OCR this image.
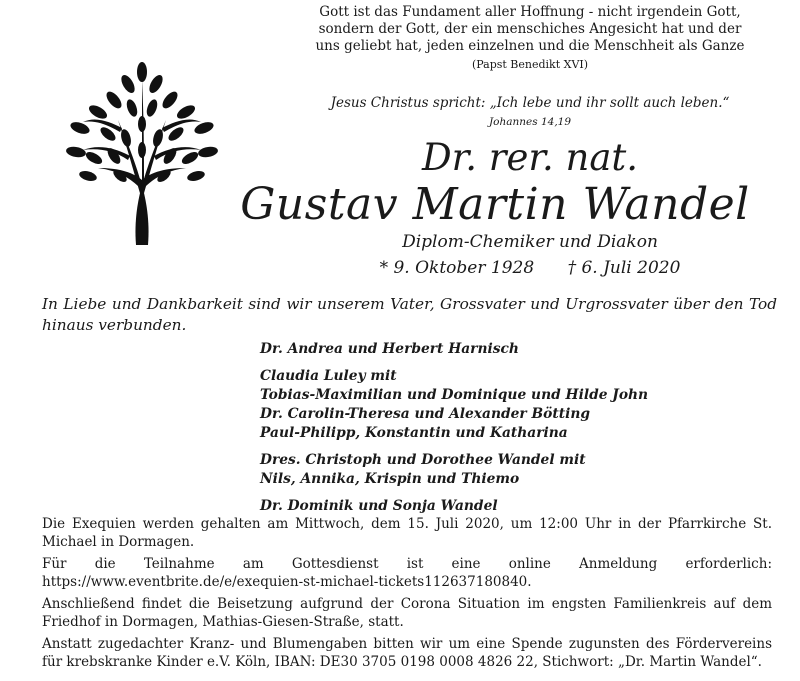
Gott ist das Fundament aller Hoffnung - nicht irgendein Gott,
sondern der Gott, der ein menschiches Angesicht hat und der
uns geliebt hat, jeden einzelnen und die Menschheit als Ganze
(Papst Benedikt XVI)
Jesus Christus spricht: „Ich lebe und ihr sollt auch leben.“
Johannes 14,19
Dr. rer. nat.
Gustav Martin Wandel
Diplom-Chemiker und Diakon
* 9. Oktober 1928 † 6. Juli 2020
In Liebe und Dankbarkeit sind wir unserem Vater, Grossvater und Urgrossvater über den Tod hinaus verbunden.
Dr. Andrea und Herbert Harnisch
Claudia Luley mit
Tobias-Maximilian und Dominique und Hilde John
Dr. Carolin-Theresa und Alexander Bötting
Paul-Philipp, Konstantin und Katharina
Dres. Christoph und Dorothee Wandel mit
Nils, Annika, Krispin und Thiemo
Dr. Dominik und Sonja Wandel

Die Exequien werden gehalten am Mittwoch, dem 15. Juli 2020, um 12:00 Uhr in der Pfarrkirche St. Michael in Dormagen.

Für die Teilnahme am Gottesdienst ist eine online Anmeldung erforderlich: https://www.eventbrite.de/e/exequien-st-michael-tickets112637180840.

Anschließend findet die Beisetzung aufgrund der Corona Situation im engsten Familienkreis auf dem Friedhof in Dormagen, Mathias-Giesen-Straße, statt.

Anstatt zugedachter Kranz- und Blumengaben bitten wir um eine Spende zugunsten des Fördervereins für krebskranke Kinder e.V. Köln, IBAN: DE30 3705 0198 0008 4826 22, Stichwort: „Dr. Martin Wandel“.
